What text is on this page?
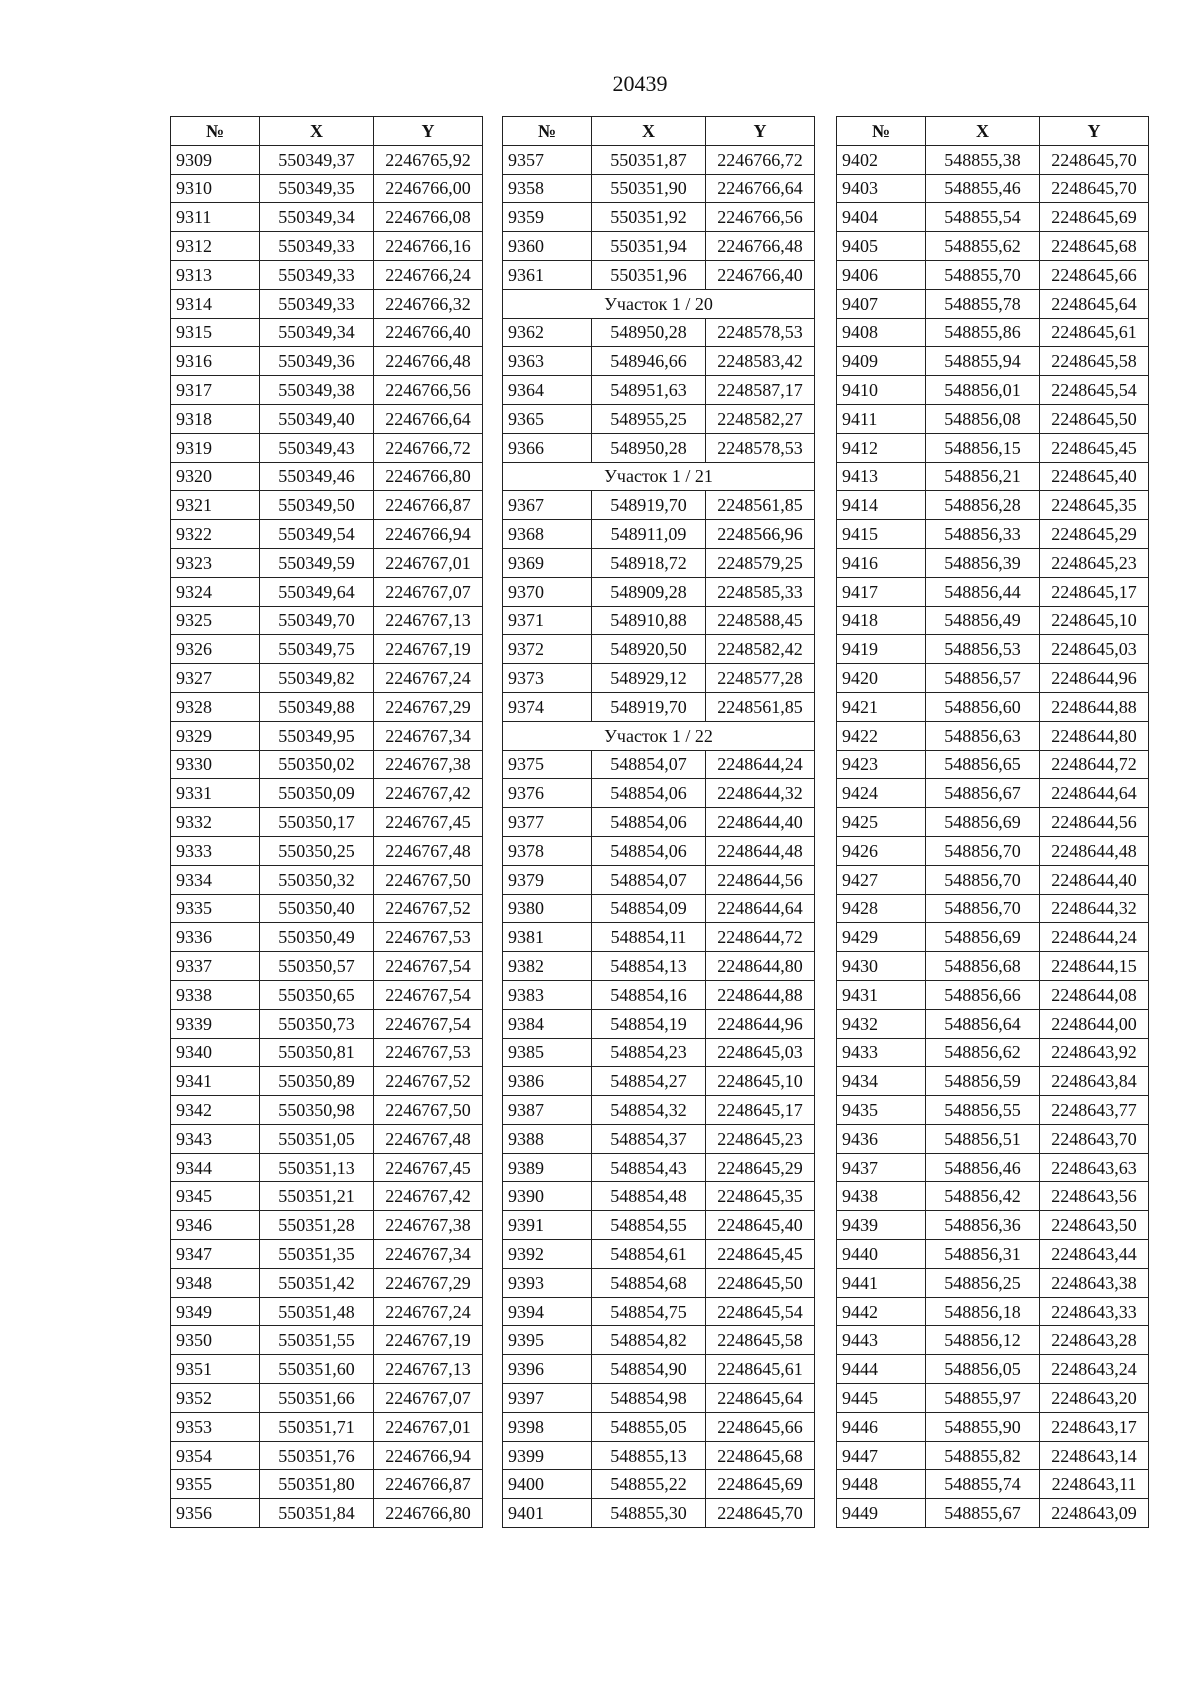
20439
№	X	Y
9309	550349,37	2246765,92
9310	550349,35	2246766,00
9311	550349,34	2246766,08
9312	550349,33	2246766,16
9313	550349,33	2246766,24
9314	550349,33	2246766,32
9315	550349,34	2246766,40
9316	550349,36	2246766,48
9317	550349,38	2246766,56
9318	550349,40	2246766,64
9319	550349,43	2246766,72
9320	550349,46	2246766,80
9321	550349,50	2246766,87
9322	550349,54	2246766,94
9323	550349,59	2246767,01
9324	550349,64	2246767,07
9325	550349,70	2246767,13
9326	550349,75	2246767,19
9327	550349,82	2246767,24
9328	550349,88	2246767,29
9329	550349,95	2246767,34
9330	550350,02	2246767,38
9331	550350,09	2246767,42
9332	550350,17	2246767,45
9333	550350,25	2246767,48
9334	550350,32	2246767,50
9335	550350,40	2246767,52
9336	550350,49	2246767,53
9337	550350,57	2246767,54
9338	550350,65	2246767,54
9339	550350,73	2246767,54
9340	550350,81	2246767,53
9341	550350,89	2246767,52
9342	550350,98	2246767,50
9343	550351,05	2246767,48
9344	550351,13	2246767,45
9345	550351,21	2246767,42
9346	550351,28	2246767,38
9347	550351,35	2246767,34
9348	550351,42	2246767,29
9349	550351,48	2246767,24
9350	550351,55	2246767,19
9351	550351,60	2246767,13
9352	550351,66	2246767,07
9353	550351,71	2246767,01
9354	550351,76	2246766,94
9355	550351,80	2246766,87
9356	550351,84	2246766,80
№	X	Y
9357	550351,87	2246766,72
9358	550351,90	2246766,64
9359	550351,92	2246766,56
9360	550351,94	2246766,48
9361	550351,96	2246766,40
Участок 1 / 20		
9362	548950,28	2248578,53
9363	548946,66	2248583,42
9364	548951,63	2248587,17
9365	548955,25	2248582,27
9366	548950,28	2248578,53
Участок 1 / 21		
9367	548919,70	2248561,85
9368	548911,09	2248566,96
9369	548918,72	2248579,25
9370	548909,28	2248585,33
9371	548910,88	2248588,45
9372	548920,50	2248582,42
9373	548929,12	2248577,28
9374	548919,70	2248561,85
Участок 1 / 22		
9375	548854,07	2248644,24
9376	548854,06	2248644,32
9377	548854,06	2248644,40
9378	548854,06	2248644,48
9379	548854,07	2248644,56
9380	548854,09	2248644,64
9381	548854,11	2248644,72
9382	548854,13	2248644,80
9383	548854,16	2248644,88
9384	548854,19	2248644,96
9385	548854,23	2248645,03
9386	548854,27	2248645,10
9387	548854,32	2248645,17
9388	548854,37	2248645,23
9389	548854,43	2248645,29
9390	548854,48	2248645,35
9391	548854,55	2248645,40
9392	548854,61	2248645,45
9393	548854,68	2248645,50
9394	548854,75	2248645,54
9395	548854,82	2248645,58
9396	548854,90	2248645,61
9397	548854,98	2248645,64
9398	548855,05	2248645,66
9399	548855,13	2248645,68
9400	548855,22	2248645,69
9401	548855,30	2248645,70
№	X	Y
9402	548855,38	2248645,70
9403	548855,46	2248645,70
9404	548855,54	2248645,69
9405	548855,62	2248645,68
9406	548855,70	2248645,66
9407	548855,78	2248645,64
9408	548855,86	2248645,61
9409	548855,94	2248645,58
9410	548856,01	2248645,54
9411	548856,08	2248645,50
9412	548856,15	2248645,45
9413	548856,21	2248645,40
9414	548856,28	2248645,35
9415	548856,33	2248645,29
9416	548856,39	2248645,23
9417	548856,44	2248645,17
9418	548856,49	2248645,10
9419	548856,53	2248645,03
9420	548856,57	2248644,96
9421	548856,60	2248644,88
9422	548856,63	2248644,80
9423	548856,65	2248644,72
9424	548856,67	2248644,64
9425	548856,69	2248644,56
9426	548856,70	2248644,48
9427	548856,70	2248644,40
9428	548856,70	2248644,32
9429	548856,69	2248644,24
9430	548856,68	2248644,15
9431	548856,66	2248644,08
9432	548856,64	2248644,00
9433	548856,62	2248643,92
9434	548856,59	2248643,84
9435	548856,55	2248643,77
9436	548856,51	2248643,70
9437	548856,46	2248643,63
9438	548856,42	2248643,56
9439	548856,36	2248643,50
9440	548856,31	2248643,44
9441	548856,25	2248643,38
9442	548856,18	2248643,33
9443	548856,12	2248643,28
9444	548856,05	2248643,24
9445	548855,97	2248643,20
9446	548855,90	2248643,17
9447	548855,82	2248643,14
9448	548855,74	2248643,11
9449	548855,67	2248643,09
